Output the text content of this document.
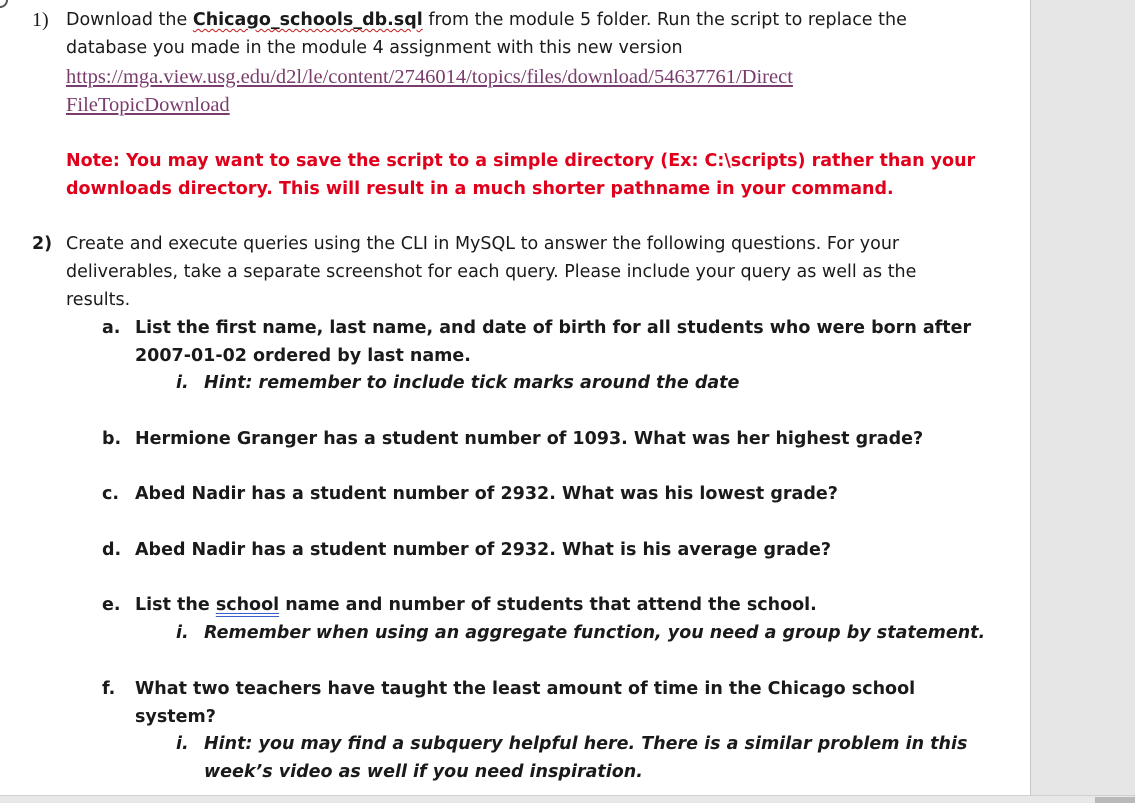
1) Download the Chicago_schools_db.sql from the module 5 folder. Run the script to replace the
database you made in the module 4 assignment with this new version
https://mga.view.usg.edu/d2l/le/content/2746014/topics/files/download/54637761/Direct
FileTopicDownload
Note: You may want to save the script to a simple directory (Ex: C:\scripts) rather than your
downloads directory. This will result in a much shorter pathname in your command.
2) Create and execute queries using the CLI in MySQL to answer the following questions. For your
deliverables, take a separate screenshot for each query. Please include your query as well as the
results.
a. List the first name, last name, and date of birth for all students who were born after
2007-01-02 ordered by last name.
i. Hint: remember to include tick marks around the date
b. Hermione Granger has a student number of 1093. What was her highest grade?
c. Abed Nadir has a student number of 2932. What was his lowest grade?
d. Abed Nadir has a student number of 2932. What is his average grade?
e. List the school name and number of students that attend the school.
i. Remember when using an aggregate function, you need a group by statement.
f. What two teachers have taught the least amount of time in the Chicago school
system?
i. Hint: you may find a subquery helpful here. There is a similar problem in this
week’s video as well if you need inspiration.
